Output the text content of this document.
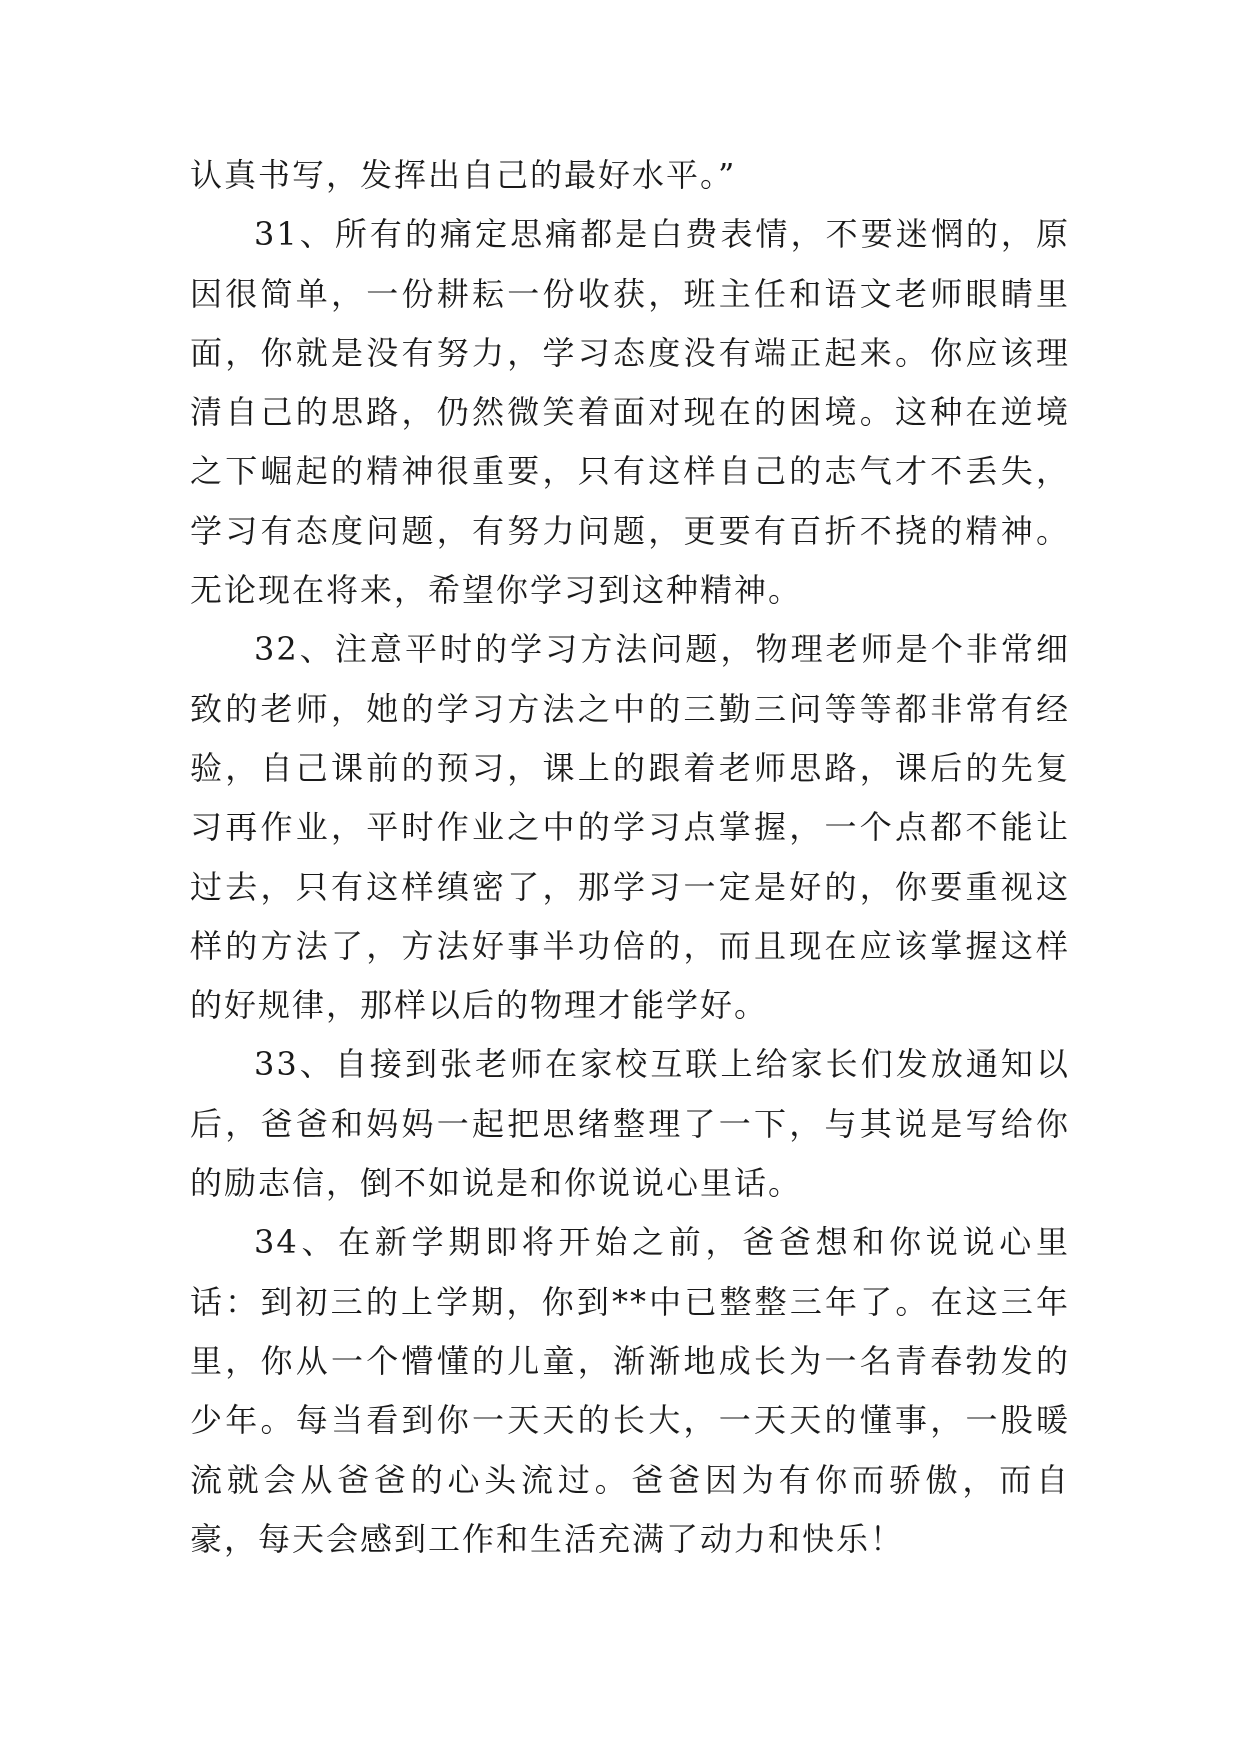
认真书写，发挥出自己的最好水平。”

31、所有的痛定思痛都是白费表情，不要迷惘的，原因很简单，一份耕耘一份收获，班主任和语文老师眼睛里面，你就是没有努力，学习态度没有端正起来。你应该理清自己的思路，仍然微笑着面对现在的困境。这种在逆境之下崛起的精神很重要，只有这样自己的志气才不丢失，学习有态度问题，有努力问题，更要有百折不挠的精神。无论现在将来，希望你学习到这种精神。

32、注意平时的学习方法问题，物理老师是个非常细致的老师，她的学习方法之中的三勤三问等等都非常有经验，自己课前的预习，课上的跟着老师思路，课后的先复习再作业，平时作业之中的学习点掌握，一个点都不能让过去，只有这样缜密了，那学习一定是好的，你要重视这样的方法了，方法好事半功倍的，而且现在应该掌握这样的好规律，那样以后的物理才能学好。

33、自接到张老师在家校互联上给家长们发放通知以后，爸爸和妈妈一起把思绪整理了一下，与其说是写给你的励志信，倒不如说是和你说说心里话。

34、在新学期即将开始之前，爸爸想和你说说心里话：到初三的上学期，你到**中已整整三年了。在这三年里，你从一个懵懂的儿童，渐渐地成长为一名青春勃发的少年。每当看到你一天天的长大，一天天的懂事，一股暖流就会从爸爸的心头流过。爸爸因为有你而骄傲，而自豪，每天会感到工作和生活充满了动力和快乐！
